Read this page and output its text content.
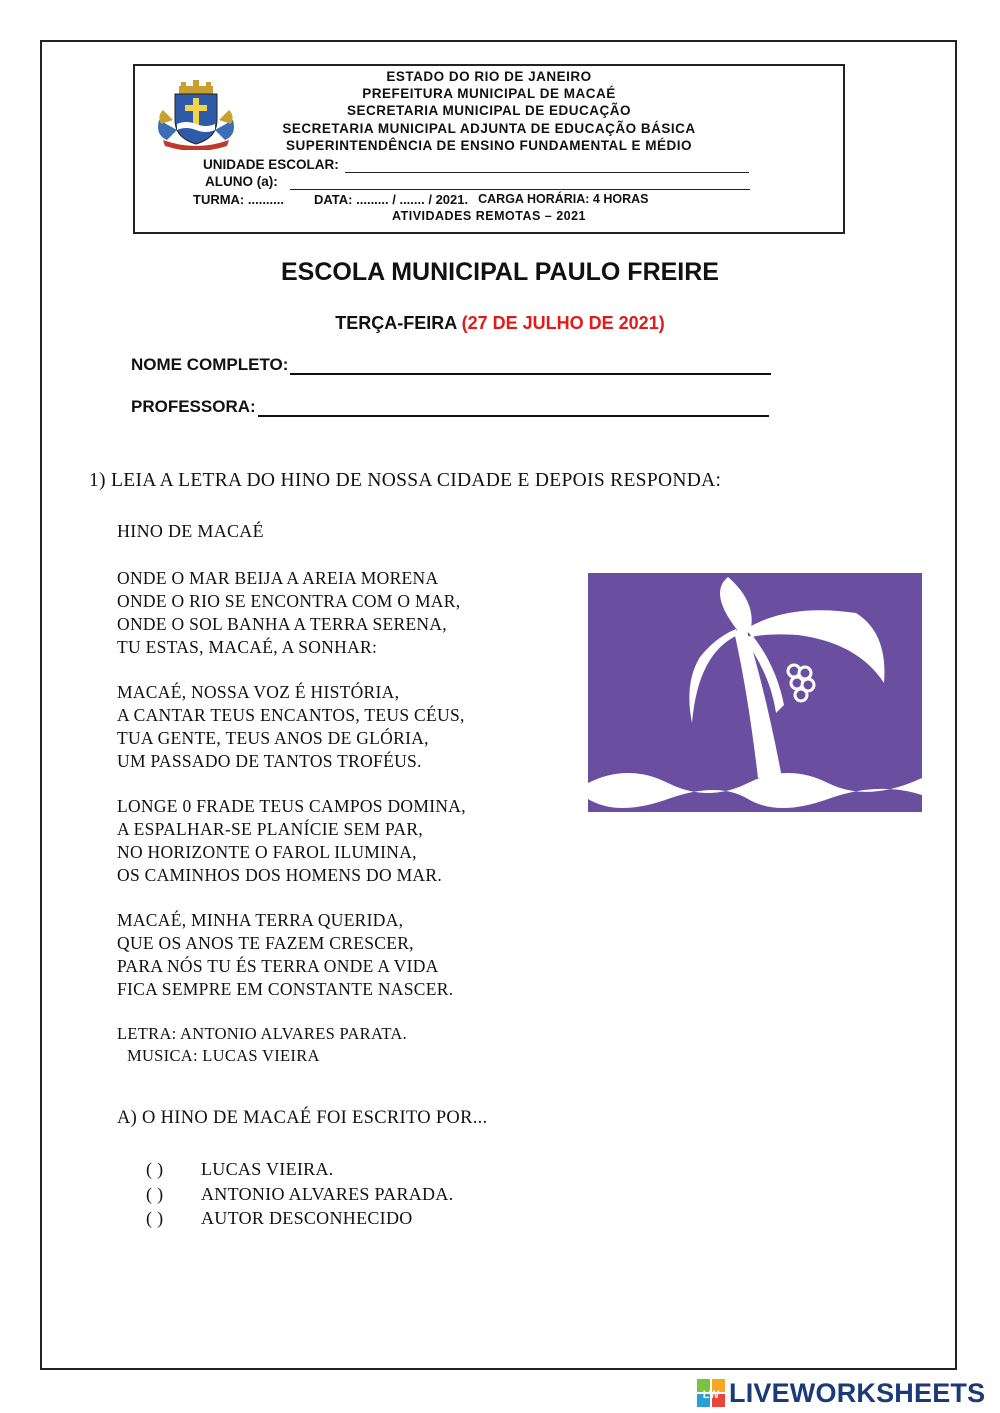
ESTADO DO RIO DE JANEIRO
PREFEITURA MUNICIPAL DE MACAÉ
SECRETARIA MUNICIPAL DE EDUCAÇÃO
SECRETARIA MUNICIPAL ADJUNTA DE EDUCAÇÃO BÁSICA
SUPERINTENDÊNCIA DE ENSINO FUNDAMENTAL E MÉDIO
UNIDADE ESCOLAR:
ALUNO (a):
TURMA: .......... DATA: ......... / ....... / 2021. CARGA HORÁRIA: 4 HORAS
ATIVIDADES REMOTAS – 2021
ESCOLA MUNICIPAL PAULO FREIRE
TERÇA-FEIRA (27 DE JULHO DE 2021)
NOME COMPLETO:
PROFESSORA:
1) LEIA A LETRA DO HINO DE NOSSA CIDADE E DEPOIS RESPONDA:
HINO DE MACAÉ
ONDE O MAR BEIJA A AREIA MORENA
ONDE O RIO SE ENCONTRA COM O MAR,
ONDE O SOL BANHA A TERRA SERENA,
TU ESTAS, MACAÉ, A SONHAR:
MACAÉ, NOSSA VOZ É HISTÓRIA,
A CANTAR TEUS ENCANTOS, TEUS CÉUS,
TUA GENTE, TEUS ANOS DE GLÓRIA,
UM PASSADO DE TANTOS TROFÉUS.
LONGE 0 FRADE TEUS CAMPOS DOMINA,
A ESPALHAR-SE PLANÍCIE SEM PAR,
NO HORIZONTE O FAROL ILUMINA,
OS CAMINHOS DOS HOMENS DO MAR.
MACAÉ, MINHA TERRA QUERIDA,
QUE OS ANOS TE FAZEM CRESCER,
PARA NÓS TU ÉS TERRA ONDE A VIDA
FICA SEMPRE EM CONSTANTE NASCER.
LETRA: ANTONIO ALVARES PARATA.
MUSICA: LUCAS VIEIRA
A) O HINO DE MACAÉ FOI ESCRITO POR...
( )	LUCAS VIEIRA.
( )	ANTONIO ALVARES PARADA.
( )	AUTOR DESCONHECIDO
LW LIVEWORKSHEETS
